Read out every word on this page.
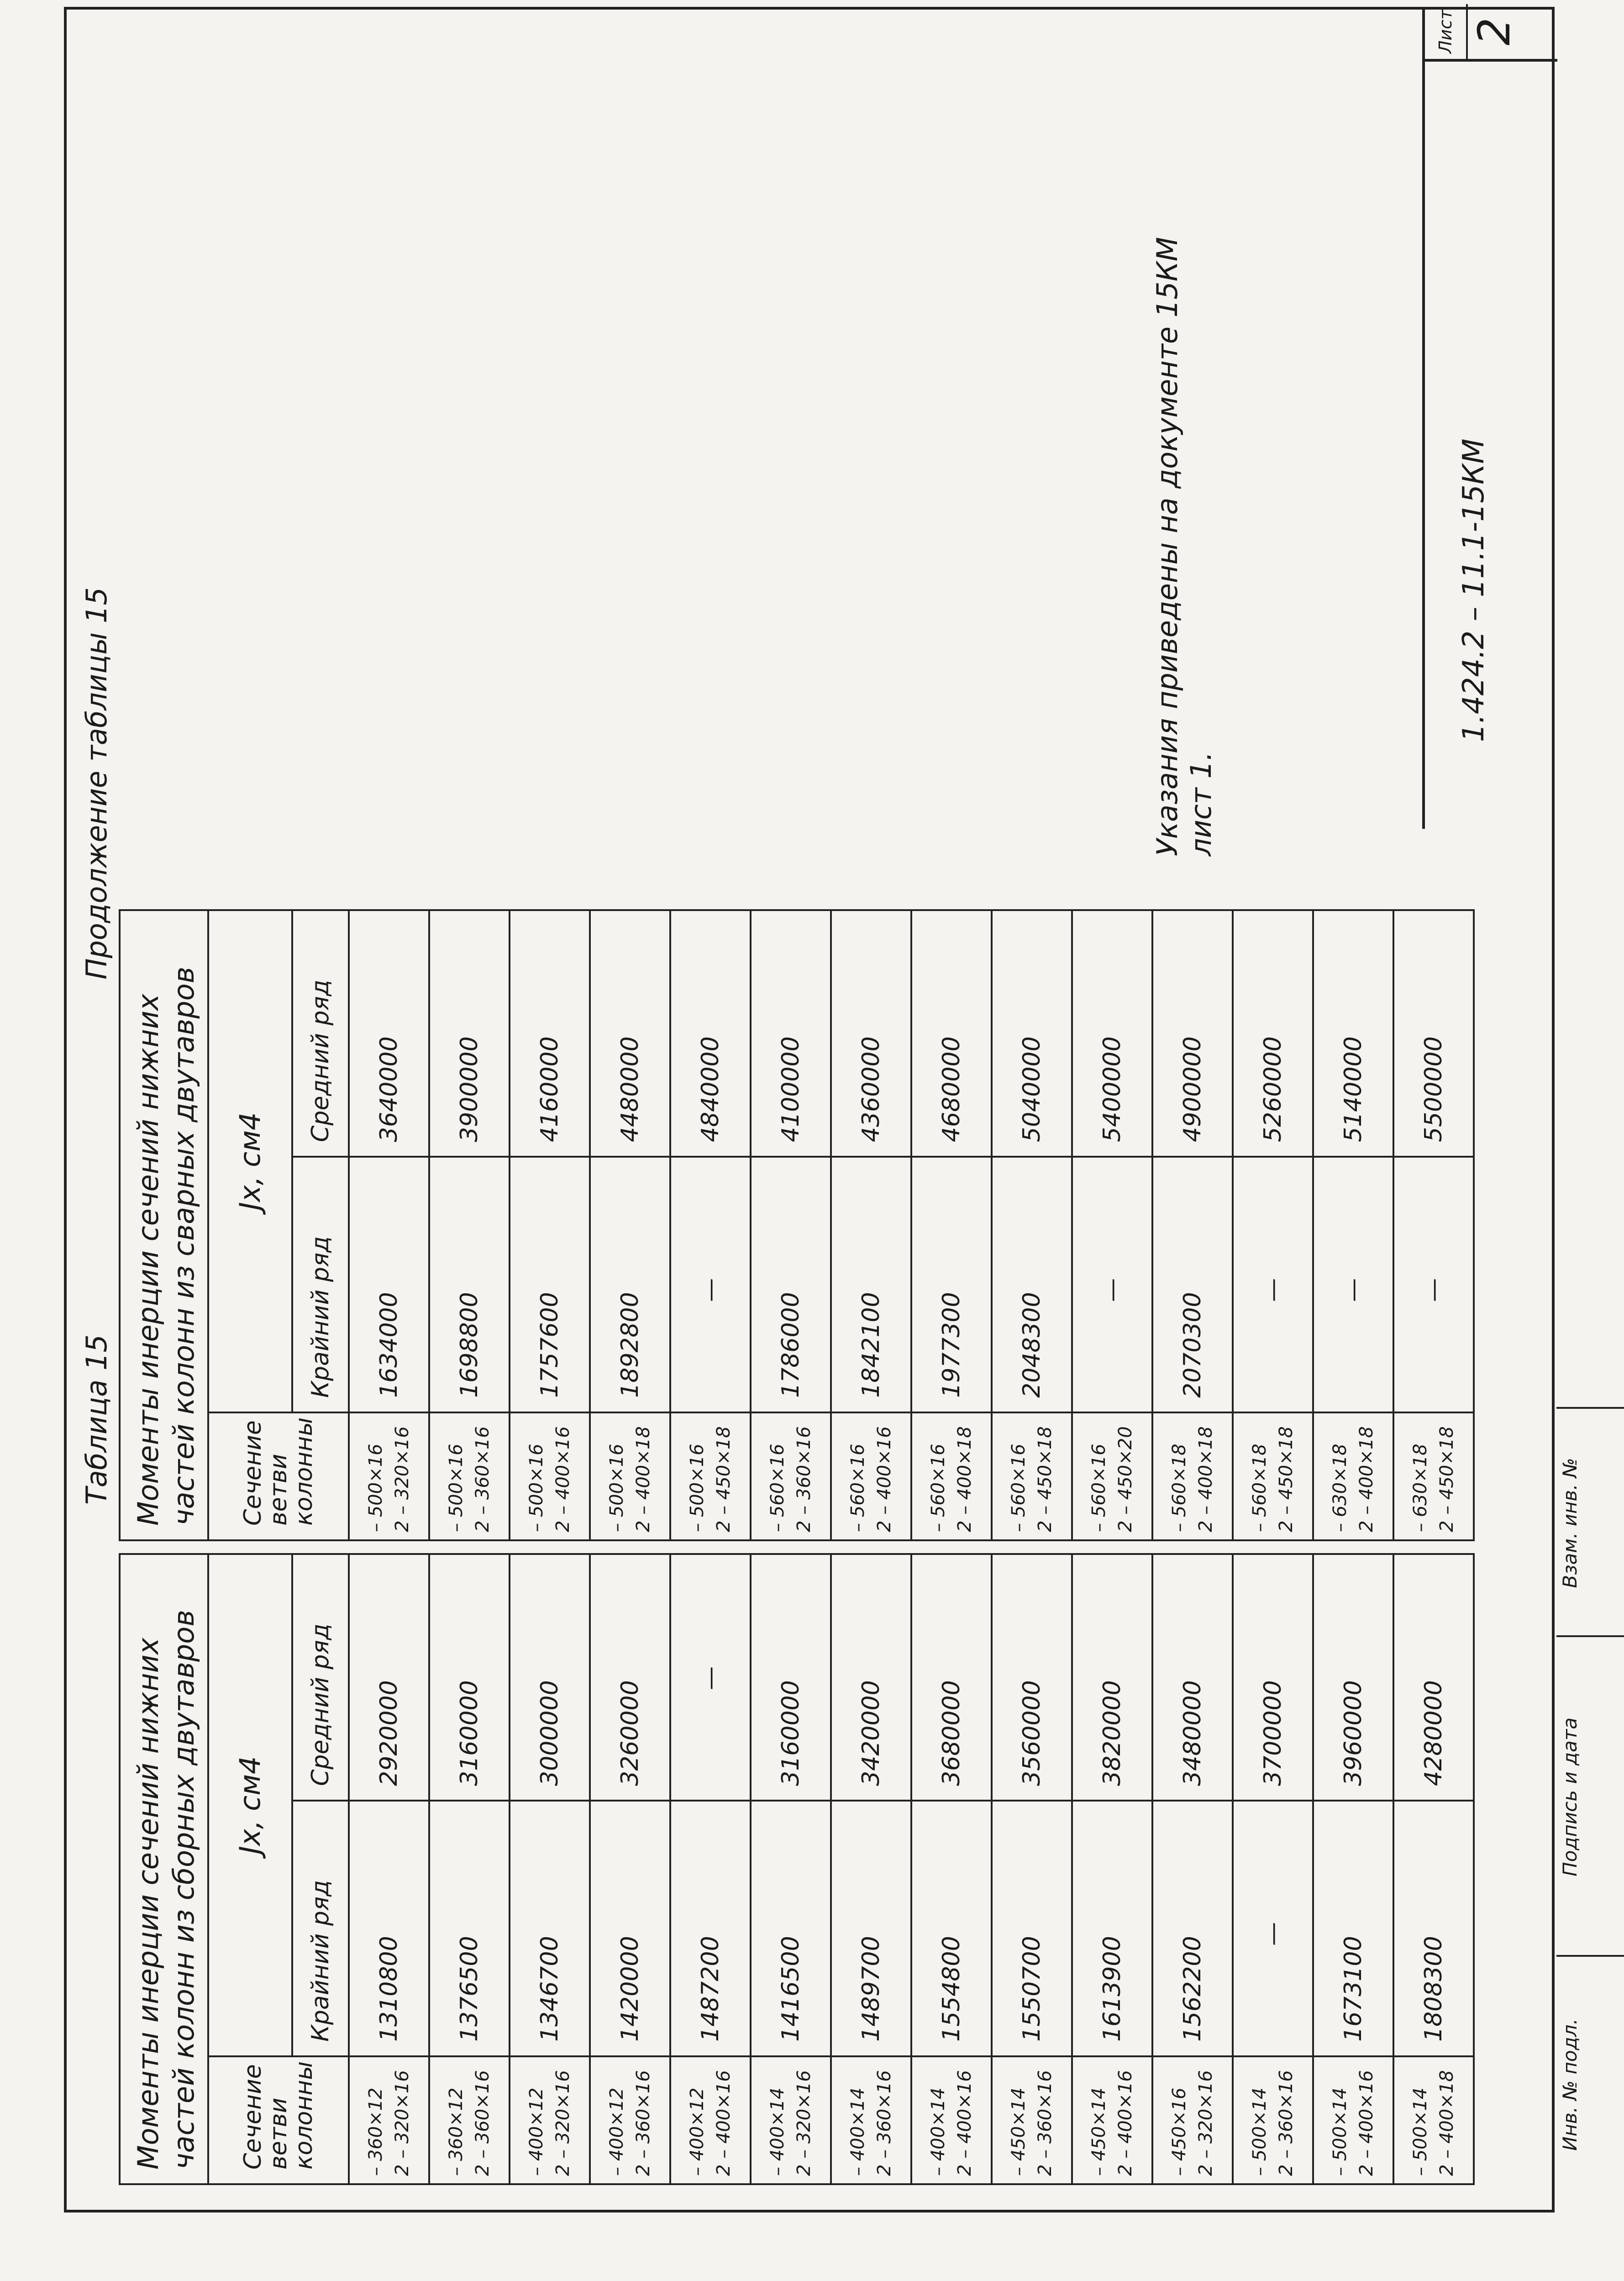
Таблица 15
Моменты инерции сечений нижних частей колонн из сборных двутавров		

Сечение ветви колонны	Jx, см4	
	Крайний ряд	Средний ряд

– 360×12 2 – 320×16	1310800	2920000

– 360×12 2 – 360×16	1376500	3160000

– 400×12 2 – 320×16	1346700	3000000

– 400×12 2 – 360×16	1420000	3260000

– 400×12 2 – 400×16	1487200	—

– 400×14 2 – 320×16	1416500	3160000

– 400×14 2 – 360×16	1489700	3420000

– 400×14 2 – 400×16	1554800	3680000

– 450×14 2 – 360×16	1550700	3560000

– 450×14 2 – 400×16	1613900	3820000

– 450×16 2 – 320×16	1562200	3480000

– 500×14 2 – 360×16	—	3700000

– 500×14 2 – 400×16	1673100	3960000

– 500×14 2 – 400×18	1808300	4280000
Продолжение таблицы 15
Моменты инерции сечений нижних частей колонн из сварных двутавров		

Сечение ветви колонны	Jx, см4	
	Крайний ряд	Средний ряд

– 500×16 2 – 320×16	1634000	3640000

– 500×16 2 – 360×16	1698800	3900000

– 500×16 2 – 400×16	1757600	4160000

– 500×16 2 – 400×18	1892800	4480000

– 500×16 2 – 450×18	—	4840000

– 560×16 2 – 360×16	1786000	4100000

– 560×16 2 – 400×16	1842100	4360000

– 560×16 2 – 400×18	1977300	4680000

– 560×16 2 – 450×18	2048300	5040000

– 560×16 2 – 450×20	—	5400000

– 560×18 2 – 400×18	2070300	4900000

– 560×18 2 – 450×18	—	5260000

– 630×18 2 – 400×18	—	5140000

– 630×18 2 – 450×18	—	5500000
Указания приведены на документе 15КМ лист 1.
1.424.2 – 11.1-15КМ
Лист 2
Инв. № подл.
Подпись и дата
Взам. инв. №
